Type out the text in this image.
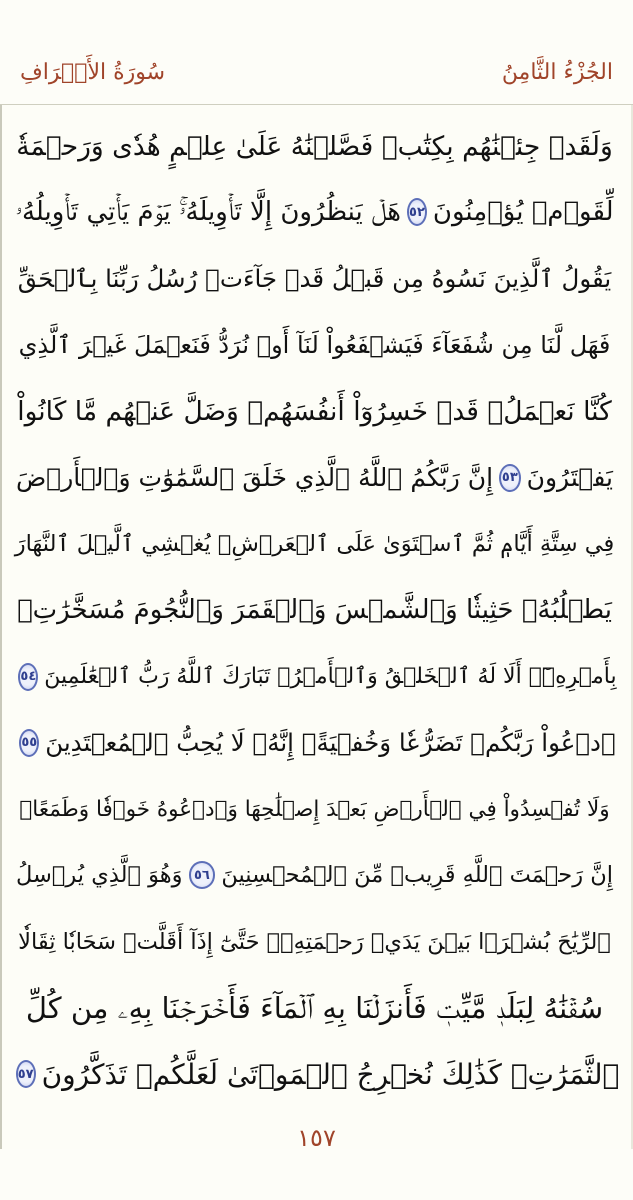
سُورَةُ الأَعۡرَافِ	الجُزْءُ الثَّامِنُ
وَلَقَدۡ جِئۡنَٰهُم بِكِتَٰبٖ فَصَّلۡنَٰهُ عَلَىٰ عِلۡمٍ هُدٗى وَرَحۡمَةٗ
لِّقَوۡمٖ يُؤۡمِنُونَ
٥٢
هَلۡ يَنظُرُونَ إِلَّا تَأۡوِيلَهُۥۚ يَوۡمَ يَأۡتِي تَأۡوِيلُهُۥ
يَقُولُ ٱلَّذِينَ نَسُوهُ مِن قَبۡلُ قَدۡ جَآءَتۡ رُسُلُ رَبِّنَا بِٱلۡحَقِّ
فَهَل لَّنَا مِن شُفَعَآءَ فَيَشۡفَعُواْ لَنَآ أَوۡ نُرَدُّ فَنَعۡمَلَ غَيۡرَ ٱلَّذِي
كُنَّا نَعۡمَلُۚ قَدۡ خَسِرُوٓاْ أَنفُسَهُمۡ وَضَلَّ عَنۡهُم مَّا كَانُواْ
يَفۡتَرُونَ
٥٣
إِنَّ رَبَّكُمُ ٱللَّهُ ٱلَّذِي خَلَقَ ٱلسَّمَٰوَٰتِ وَٱلۡأَرۡضَ
فِي سِتَّةِ أَيَّامٖ ثُمَّ ٱسۡتَوَىٰ عَلَى ٱلۡعَرۡشِۖ يُغۡشِي ٱلَّيۡلَ ٱلنَّهَارَ
يَطۡلُبُهُۥ حَثِيثٗا وَٱلشَّمۡسَ وَٱلۡقَمَرَ وَٱلنُّجُومَ مُسَخَّرَٰتِۭ
بِأَمۡرِهِۦٓۗ أَلَا لَهُ ٱلۡخَلۡقُ وَٱلۡأَمۡرُۗ تَبَارَكَ ٱللَّهُ رَبُّ ٱلۡعَٰلَمِينَ
٥٤
ٱدۡعُواْ رَبَّكُمۡ تَضَرُّعٗا وَخُفۡيَةًۚ إِنَّهُۥ لَا يُحِبُّ ٱلۡمُعۡتَدِينَ
٥٥
وَلَا تُفۡسِدُواْ فِي ٱلۡأَرۡضِ بَعۡدَ إِصۡلَٰحِهَا وَٱدۡعُوهُ خَوۡفٗا وَطَمَعًاۚ
إِنَّ رَحۡمَتَ ٱللَّهِ قَرِيبٞ مِّنَ ٱلۡمُحۡسِنِينَ
٥٦
وَهُوَ ٱلَّذِي يُرۡسِلُ
ٱلرِّيَٰحَ بُشۡرَۢا بَيۡنَ يَدَيۡ رَحۡمَتِهِۦۖ حَتَّىٰٓ إِذَآ أَقَلَّتۡ سَحَابٗا ثِقَالٗا
سُقۡنَٰهُ لِبَلَدٖ مَّيِّتٖ فَأَنزَلۡنَا بِهِ ٱلۡمَآءَ فَأَخۡرَجۡنَا بِهِۦ مِن كُلِّ
ٱلثَّمَرَٰتِۚ كَذَٰلِكَ نُخۡرِجُ ٱلۡمَوۡتَىٰ لَعَلَّكُمۡ تَذَكَّرُونَ
٥٧
١٥٧
